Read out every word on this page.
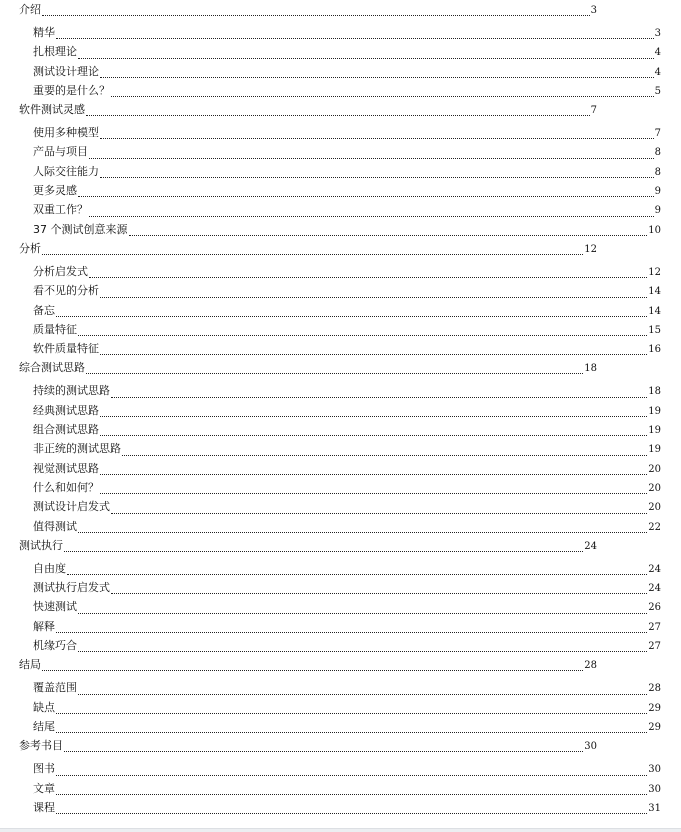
介绍	3
精华	3
扎根理论	4
测试设计理论	4
重要的是什么？	5
软件测试灵感	7
使用多种模型	7
产品与项目	8
人际交往能力	8
更多灵感	9
双重工作？	9
37 个测试创意来源	10
分析	12
分析启发式	12
看不见的分析	14
备忘	14
质量特征	15
软件质量特征	16
综合测试思路	18
持续的测试思路	18
经典测试思路	19
组合测试思路	19
非正统的测试思路	19
视觉测试思路	20
什么和如何？	20
测试设计启发式	20
值得测试	22
测试执行	24
自由度	24
测试执行启发式	24
快速测试	26
解释	27
机缘巧合	27
结局	28
覆盖范围	28
缺点	29
结尾	29
参考书目	30
图书	30
文章	30
课程	31
